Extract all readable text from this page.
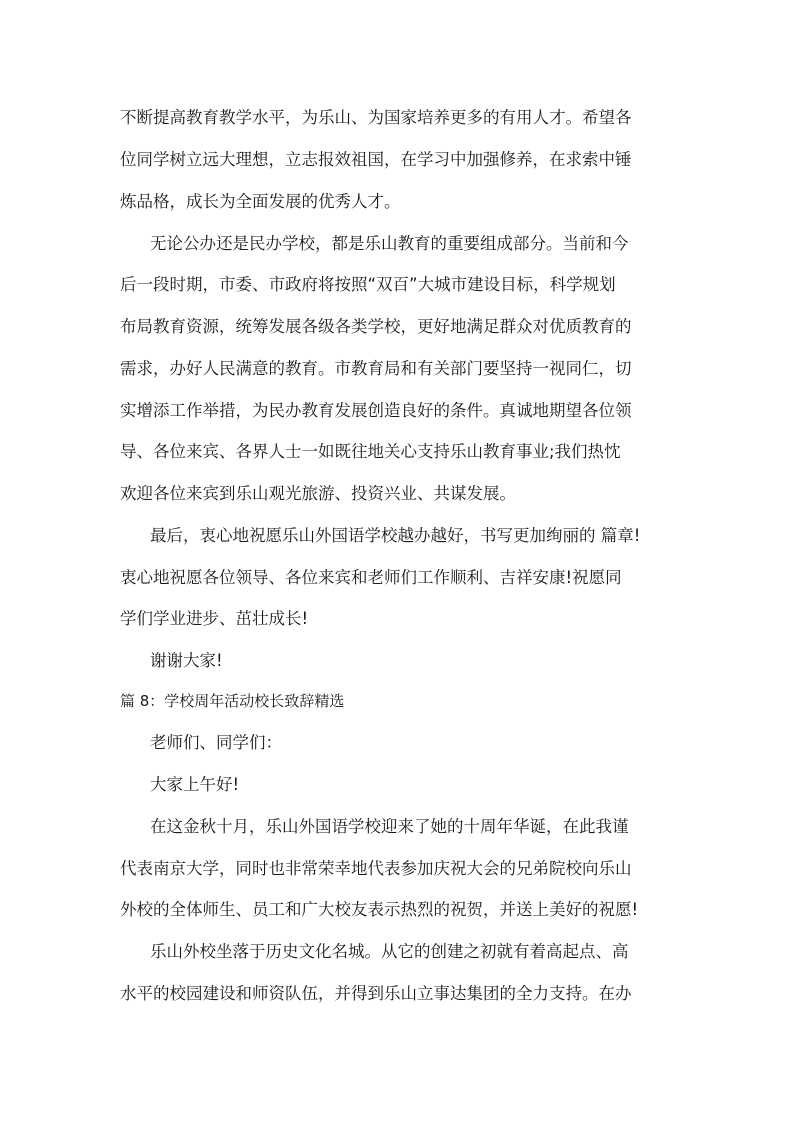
不断提高教育教学水平，为乐山、为国家培养更多的有用人才。希望各

位同学树立远大理想，立志报效祖国，在学习中加强修养，在求索中锤

炼品格，成长为全面发展的优秀人才。

无论公办还是民办学校，都是乐山教育的重要组成部分。当前和今

后一段时期，市委、市政府将按照“双百”大城市建设目标，科学规划

布局教育资源，统筹发展各级各类学校，更好地满足群众对优质教育的

需求，办好人民满意的教育。市教育局和有关部门要坚持一视同仁，切

实增添工作举措，为民办教育发展创造良好的条件。真诚地期望各位领

导、各位来宾、各界人士一如既往地关心支持乐山教育事业;我们热忱

欢迎各位来宾到乐山观光旅游、投资兴业、共谋发展。

最后，衷心地祝愿乐山外国语学校越办越好，书写更加绚丽的 篇章!

衷心地祝愿各位领导、各位来宾和老师们工作顺利、吉祥安康!祝愿同

学们学业进步、茁壮成长!

谢谢大家!

篇 8：学校周年活动校长致辞精选

老师们、同学们：

大家上午好!

在这金秋十月，乐山外国语学校迎来了她的十周年华诞，在此我谨

代表南京大学，同时也非常荣幸地代表参加庆祝大会的兄弟院校向乐山

外校的全体师生、员工和广大校友表示热烈的祝贺，并送上美好的祝愿!

乐山外校坐落于历史文化名城。从它的创建之初就有着高起点、高

水平的校园建设和师资队伍，并得到乐山立事达集团的全力支持。在办
